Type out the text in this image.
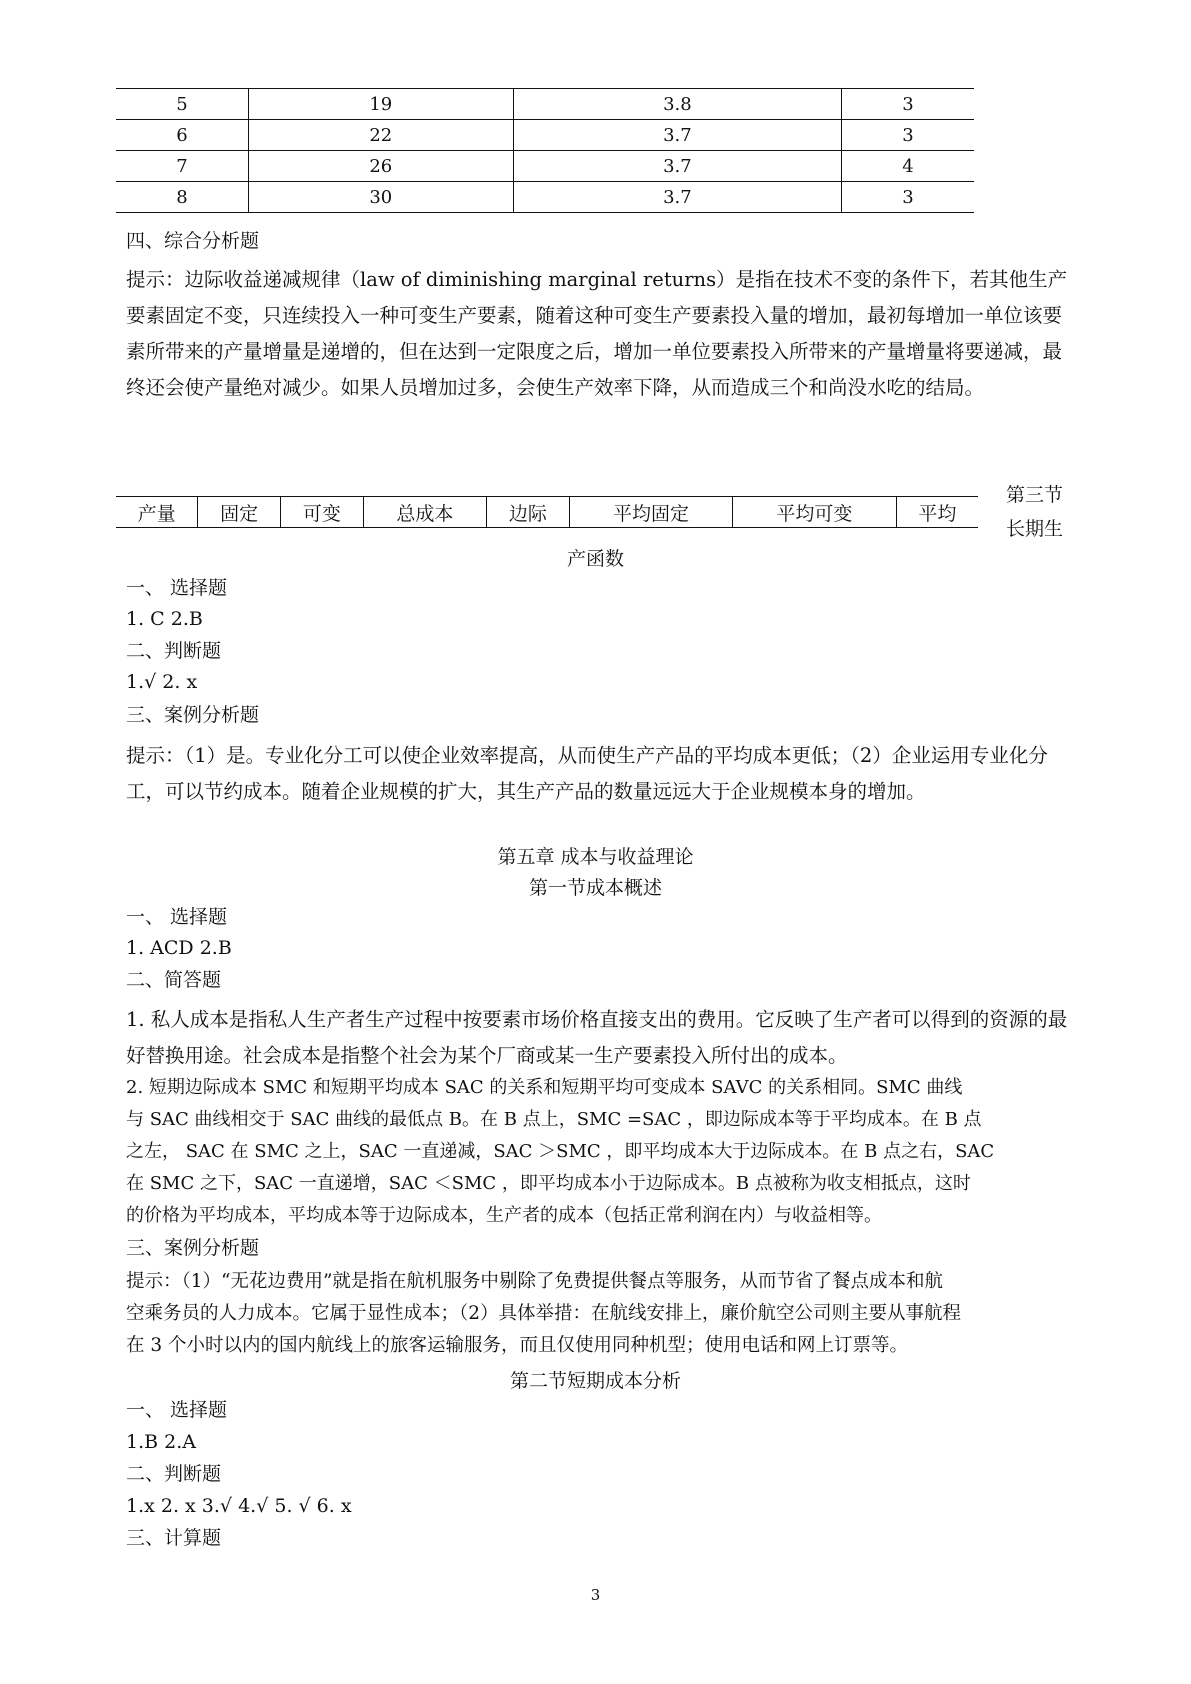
5	19	3.8	3
6	22	3.7	3
7	26	3.7	4
8	30	3.7	3
四、综合分析题
提示：边际收益递减规律（law of diminishing marginal returns）是指在技术不变的条件下，若其他生产要素固定不变，只连续投入一种可变生产要素，随着这种可变生产要素投入量的增加，最初每增加一单位该要素所带来的产量增量是递增的，但在达到一定限度之后，增加一单位要素投入所带来的产量增量将要递减，最终还会使产量绝对减少。如果人员增加过多，会使生产效率下降，从而造成三个和尚没水吃的结局。
产量	固定	可变	总成本	边际	平均固定	平均可变	平均
第三节
长期生
产函数
一、 选择题
1. C 2.B
二、判断题
1.√ 2. x
三、案例分析题
提示：（1）是。专业化分工可以使企业效率提高，从而使生产产品的平均成本更低；（2）企业运用专业化分工，可以节约成本。随着企业规模的扩大，其生产产品的数量远远大于企业规模本身的增加。
第五章 成本与收益理论
第一节成本概述
一、 选择题
1. ACD 2.B
二、简答题
1. 私人成本是指私人生产者生产过程中按要素市场价格直接支出的费用。它反映了生产者可以得到的资源的最好替换用途。社会成本是指整个社会为某个厂商或某一生产要素投入所付出的成本。
2. 短期边际成本 SMC 和短期平均成本 SAC 的关系和短期平均可变成本 SAVC 的关系相同。SMC 曲线
与 SAC 曲线相交于 SAC 曲线的最低点 B。在 B 点上，SMC =SAC ，即边际成本等于平均成本。在 B 点
之左， SAC 在 SMC 之上，SAC 一直递减，SAC ＞SMC ，即平均成本大于边际成本。在 B 点之右，SAC
在 SMC 之下，SAC 一直递增，SAC ＜SMC ，即平均成本小于边际成本。B 点被称为收支相抵点，这时
的价格为平均成本，平均成本等于边际成本，生产者的成本（包括正常利润在内）与收益相等。
三、案例分析题
提示：（1）“无花边费用”就是指在航机服务中剔除了免费提供餐点等服务，从而节省了餐点成本和航
空乘务员的人力成本。它属于显性成本；（2）具体举措：在航线安排上，廉价航空公司则主要从事航程
在 3 个小时以内的国内航线上的旅客运输服务，而且仅使用同种机型；使用电话和网上订票等。
第二节短期成本分析
一、 选择题
1.B 2.A
二、判断题
1.x 2. x 3.√ 4.√ 5. √ 6. x
三、计算题
3
